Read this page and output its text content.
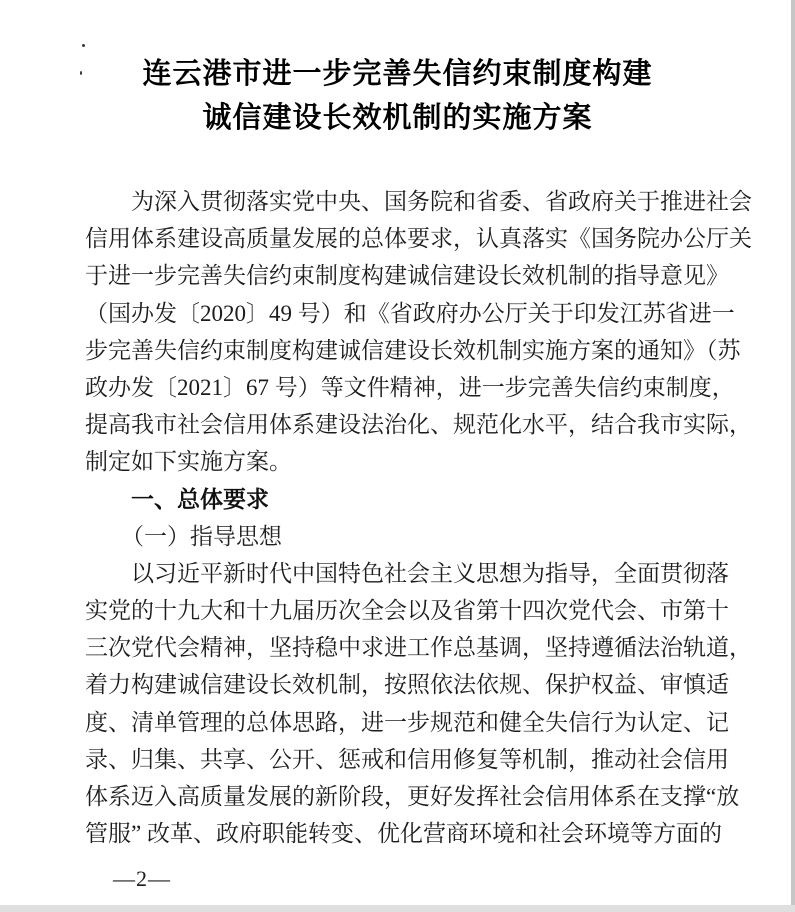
连云港市进一步完善失信约束制度构建
诚信建设长效机制的实施方案
为深入贯彻落实党中央、国务院和省委、省政府关于推进社会
信用体系建设高质量发展的总体要求，认真落实《国务院办公厅关
于进一步完善失信约束制度构建诚信建设长效机制的指导意见》
（国办发〔2020〕49 号）和《省政府办公厅关于印发江苏省进一
步完善失信约束制度构建诚信建设长效机制实施方案的通知》（苏
政办发〔2021〕67 号）等文件精神，进一步完善失信约束制度，
提高我市社会信用体系建设法治化、规范化水平，结合我市实际，
制定如下实施方案。
一、总体要求
（一）指导思想
以习近平新时代中国特色社会主义思想为指导，全面贯彻落
实党的十九大和十九届历次全会以及省第十四次党代会、市第十
三次党代会精神，坚持稳中求进工作总基调，坚持遵循法治轨道，
着力构建诚信建设长效机制，按照依法依规、保护权益、审慎适
度、清单管理的总体思路，进一步规范和健全失信行为认定、记
录、归集、共享、公开、惩戒和信用修复等机制，推动社会信用
体系迈入高质量发展的新阶段，更好发挥社会信用体系在支撑“放
管服” 改革、政府职能转变、优化营商环境和社会环境等方面的
—2—
